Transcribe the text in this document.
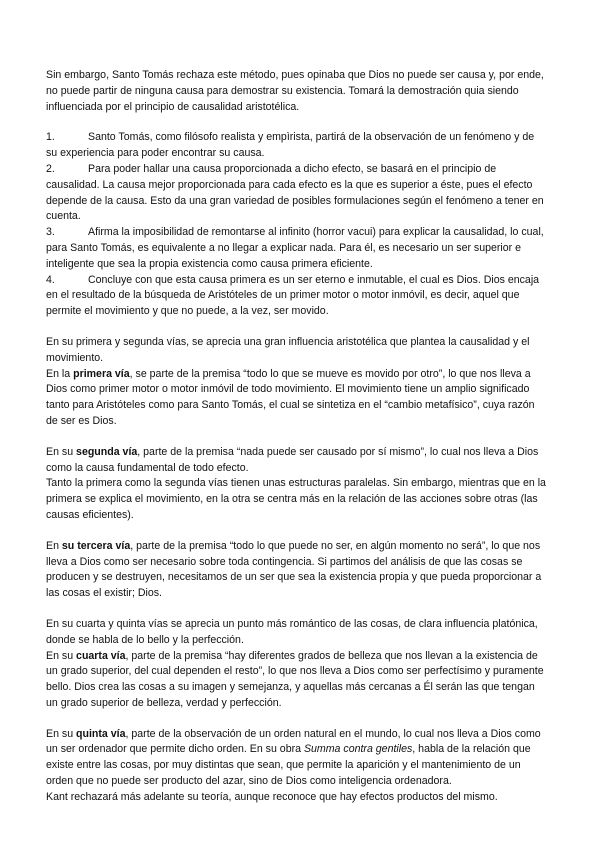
Sin embargo, Santo Tomás rechaza este método, pues opinaba que Dios no puede ser causa y, por ende, no puede partir de ninguna causa para demostrar su existencia. Tomará la demostración quia siendo influenciada por el principio de causalidad aristotélica.

1.	Santo Tomás, como filósofo realista y empìrista, partirá de la observación de un fenómeno y de su experiencia para poder encontrar su causa.

2.	Para poder hallar una causa proporcionada a dicho efecto, se basará en el principio de causalidad. La causa mejor proporcionada para cada efecto es la que es superior a éste, pues el efecto depende de la causa. Esto da una gran variedad de posibles formulaciones según el fenómeno a tener en cuenta.

3.	Afirma la imposibilidad de remontarse al infinito (horror vacui) para explicar la causalidad, lo cual, para Santo Tomás, es equivalente a no llegar a explicar nada. Para él, es necesario un ser superior e inteligente que sea la propia existencia como causa primera eficiente.

4.	Concluye con que esta causa primera es un ser eterno e inmutable, el cual es Dios. Dios encaja en el resultado de la búsqueda de Aristóteles de un primer motor o motor inmóvil, es decir, aquel que permite el movimiento y que no puede, a la vez, ser movido.

En su primera y segunda vías, se aprecia una gran influencia aristotélica que plantea la causalidad y el movimiento.

En la primera vía, se parte de la premisa “todo lo que se mueve es movido por otro”, lo que nos lleva a Dios como primer motor o motor inmóvil de todo movimiento. El movimiento tiene un amplio significado tanto para Aristóteles como para Santo Tomás, el cual se sintetiza en el “cambio metafísico”, cuya razón de ser es Dios.

En su segunda vía, parte de la premisa “nada puede ser causado por sí mismo”, lo cual nos lleva a Dios como la causa fundamental de todo efecto.

Tanto la primera como la segunda vías tienen unas estructuras paralelas. Sin embargo, mientras que en la primera se explica el movimiento, en la otra se centra más en la relación de las acciones sobre otras (las causas eficientes).

En su tercera vía, parte de la premisa “todo lo que puede no ser, en algún momento no será”, lo que nos lleva a Dios como ser necesario sobre toda contingencia. Si partimos del análisis de que las cosas se producen y se destruyen, necesitamos de un ser que sea la existencia propia y que pueda proporcionar a las cosas el existir; Dios.

En su cuarta y quinta vías se aprecia un punto más romántico de las cosas, de clara influencia platónica, donde se habla de lo bello y la perfección.

En su cuarta vía, parte de la premisa “hay diferentes grados de belleza que nos llevan a la existencia de un grado superior, del cual dependen el resto”, lo que nos lleva a Dios como ser perfectísimo y puramente bello. Dios crea las cosas a su imagen y semejanza, y aquellas más cercanas a Él serán las que tengan un grado superior de belleza, verdad y perfección.

En su quinta vía, parte de la observación de un orden natural en el mundo, lo cual nos lleva a Dios como un ser ordenador que permite dicho orden. En su obra Summa contra gentiles, habla de la relación que existe entre las cosas, por muy distintas que sean, que permite la aparición y el mantenimiento de un orden que no puede ser producto del azar, sino de Dios como inteligencia ordenadora.

Kant rechazará más adelante su teoría, aunque reconoce que hay efectos productos del mismo.
